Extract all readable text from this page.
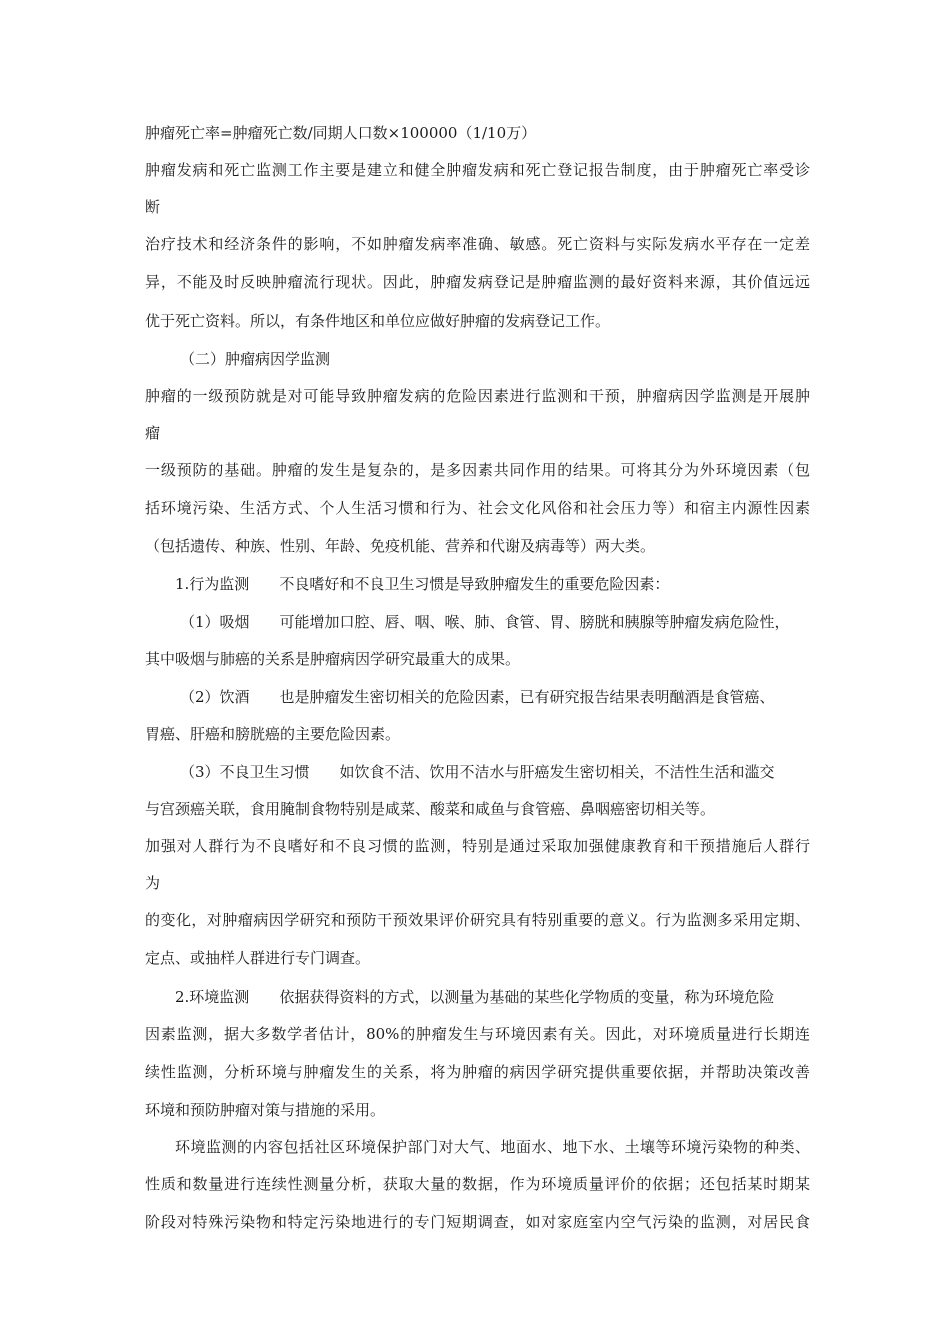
肿瘤死亡率=肿瘤死亡数/同期人口数×100000（1/10万）
肿瘤发病和死亡监测工作主要是建立和健全肿瘤发病和死亡登记报告制度，由于肿瘤死亡率受诊
断
治疗技术和经济条件的影响，不如肿瘤发病率准确、敏感。死亡资料与实际发病水平存在一定差
异，不能及时反映肿瘤流行现状。因此，肿瘤发病登记是肿瘤监测的最好资料来源，其价值远远
优于死亡资料。所以，有条件地区和单位应做好肿瘤的发病登记工作。
（二）肿瘤病因学监测
肿瘤的一级预防就是对可能导致肿瘤发病的危险因素进行监测和干预，肿瘤病因学监测是开展肿
瘤
一级预防的基础。肿瘤的发生是复杂的，是多因素共同作用的结果。可将其分为外环境因素（包
括环境污染、生活方式、个人生活习惯和行为、社会文化风俗和社会压力等）和宿主内源性因素
（包括遗传、种族、性别、年龄、免疫机能、营养和代谢及病毒等）两大类。
1.行为监测 不良嗜好和不良卫生习惯是导致肿瘤发生的重要危险因素：
（1）吸烟 可能增加口腔、唇、咽、喉、肺、食管、胃、膀胱和胰腺等肿瘤发病危险性，
其中吸烟与肺癌的关系是肿瘤病因学研究最重大的成果。
（2）饮酒 也是肿瘤发生密切相关的危险因素，已有研究报告结果表明酗酒是食管癌、
胃癌、肝癌和膀胱癌的主要危险因素。
（3）不良卫生习惯 如饮食不洁、饮用不洁水与肝癌发生密切相关，不洁性生活和滥交
与宫颈癌关联，食用腌制食物特别是咸菜、酸菜和咸鱼与食管癌、鼻咽癌密切相关等。
加强对人群行为不良嗜好和不良习惯的监测，特别是通过采取加强健康教育和干预措施后人群行
为
的变化，对肿瘤病因学研究和预防干预效果评价研究具有特别重要的意义。行为监测多采用定期、
定点、或抽样人群进行专门调查。
2.环境监测 依据获得资料的方式，以测量为基础的某些化学物质的变量，称为环境危险
因素监测，据大多数学者估计，80%的肿瘤发生与环境因素有关。因此，对环境质量进行长期连
续性监测，分析环境与肿瘤发生的关系，将为肿瘤的病因学研究提供重要依据，并帮助决策改善
环境和预防肿瘤对策与措施的采用。
环境监测的内容包括社区环境保护部门对大气、地面水、地下水、土壤等环境污染物的种类、
性质和数量进行连续性测量分析，获取大量的数据，作为环境质量评价的依据；还包括某时期某
阶段对特殊污染物和特定污染地进行的专门短期调查，如对家庭室内空气污染的监测，对居民食
